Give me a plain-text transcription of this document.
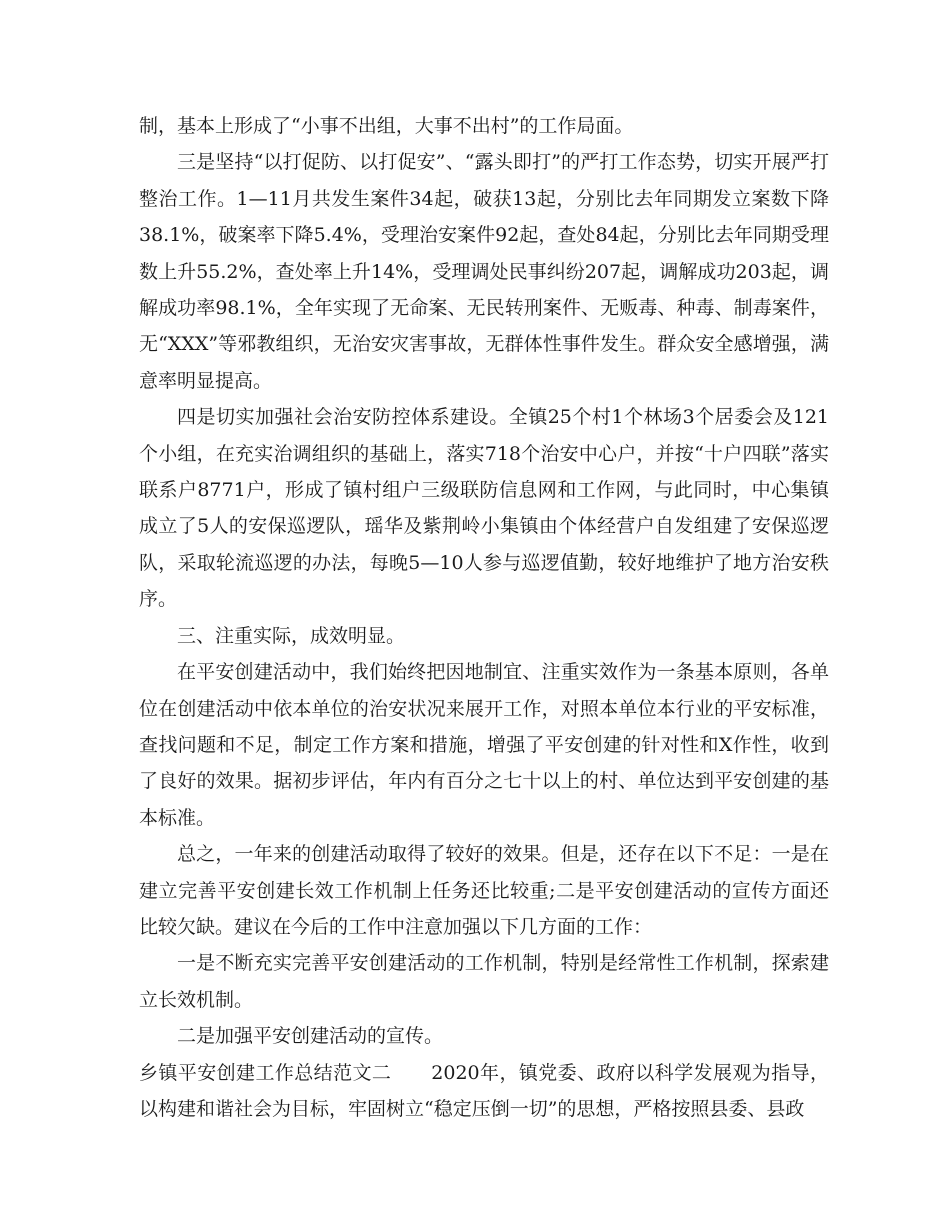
制，基本上形成了“小事不出组，大事不出村”的工作局面。

三是坚持“以打促防、以打促安”、“露头即打”的严打工作态势，切实开展严打整治工作。1—11月共发生案件34起，破获13起，分别比去年同期发立案数下降38.1%，破案率下降5.4%，受理治安案件92起，查处84起，分别比去年同期受理数上升55.2%，查处率上升14%，受理调处民事纠纷207起，调解成功203起，调解成功率98.1%，全年实现了无命案、无民转刑案件、无贩毒、种毒、制毒案件，无“XXX”等邪教组织，无治安灾害事故，无群体性事件发生。群众安全感增强，满意率明显提高。

四是切实加强社会治安防控体系建设。全镇25个村1个林场3个居委会及121个小组，在充实治调组织的基础上，落实718个治安中心户，并按“十户四联”落实联系户8771户，形成了镇村组户三级联防信息网和工作网，与此同时，中心集镇成立了5人的安保巡逻队，瑶华及紫荆岭小集镇由个体经营户自发组建了安保巡逻队，采取轮流巡逻的办法，每晚5—10人参与巡逻值勤，较好地维护了地方治安秩序。

三、注重实际，成效明显。

在平安创建活动中，我们始终把因地制宜、注重实效作为一条基本原则，各单位在创建活动中依本单位的治安状况来展开工作，对照本单位本行业的平安标准，查找问题和不足，制定工作方案和措施，增强了平安创建的针对性和X作性，收到了良好的效果。据初步评估，年内有百分之七十以上的村、单位达到平安创建的基本标准。

总之，一年来的创建活动取得了较好的效果。但是，还存在以下不足：一是在建立完善平安创建长效工作机制上任务还比较重;二是平安创建活动的宣传方面还比较欠缺。建议在今后的工作中注意加强以下几方面的工作：

一是不断充实完善平安创建活动的工作机制，特别是经常性工作机制，探索建立长效机制。

二是加强平安创建活动的宣传。

乡镇平安创建工作总结范文二 2020年，镇党委、政府以科学发展观为指导，以构建和谐社会为目标，牢固树立“稳定压倒一切”的思想，严格按照县委、县政
